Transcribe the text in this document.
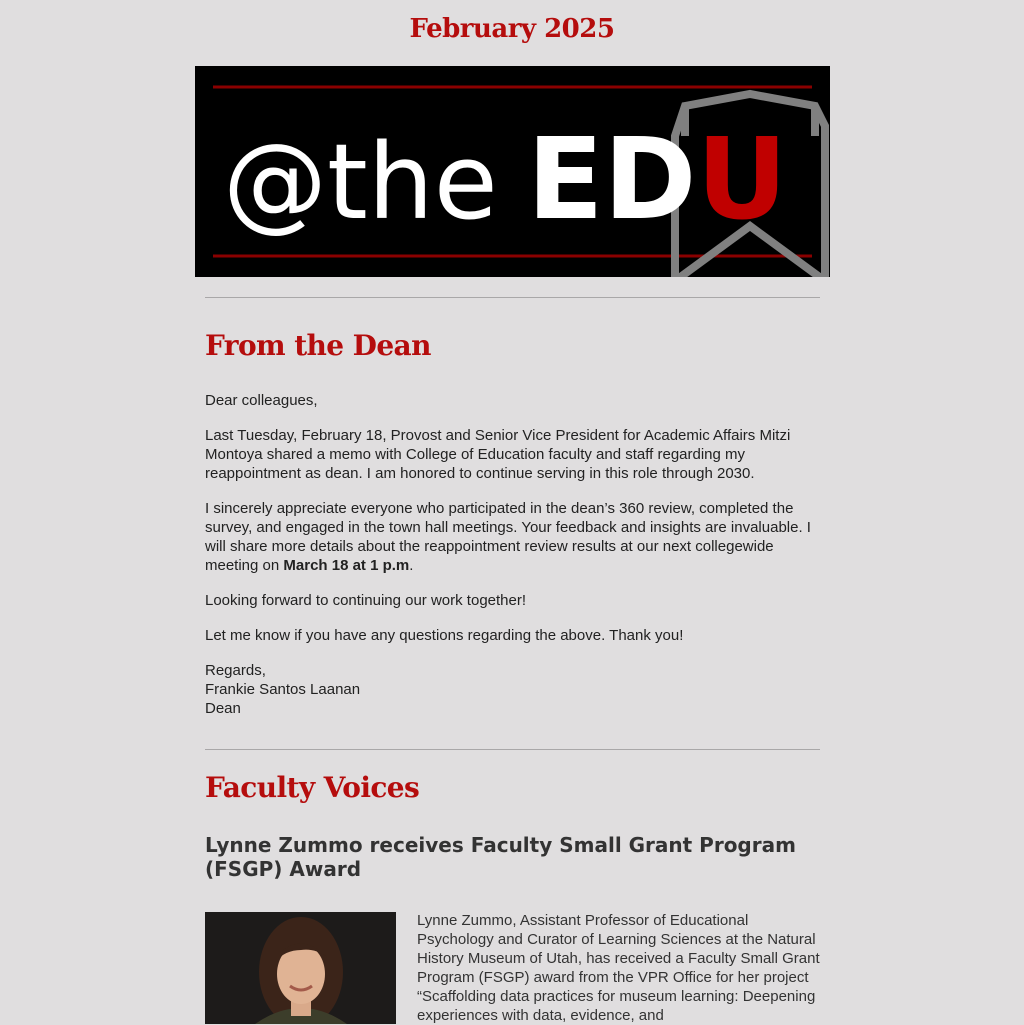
February 2025
@the EDU
From the Dean

Dear colleagues,

Last Tuesday, February 18, Provost and Senior Vice President for Academic Affairs Mitzi Montoya shared a memo with College of Education faculty and staff regarding my reappointment as dean. I am honored to continue serving in this role through 2030.

I sincerely appreciate everyone who participated in the dean’s 360 review, completed the survey, and engaged in the town hall meetings. Your feedback and insights are invaluable. I will share more details about the reappointment review results at our next collegewide meeting on March 18 at 1 p.m.

Looking forward to continuing our work together!

Let me know if you have any questions regarding the above. Thank you!

Regards,
Frankie Santos Laanan
Dean

Faculty Voices
Lynne Zummo receives Faculty Small Grant Program (FSGP) Award

Lynne Zummo, Assistant Professor of Educational Psychology and Curator of Learning Sciences at the Natural History Museum of Utah, has received a Faculty Small Grant Program (FSGP) award from the VPR Office for her project “Scaffolding data practices for museum learning: Deepening experiences with data, evidence, and
